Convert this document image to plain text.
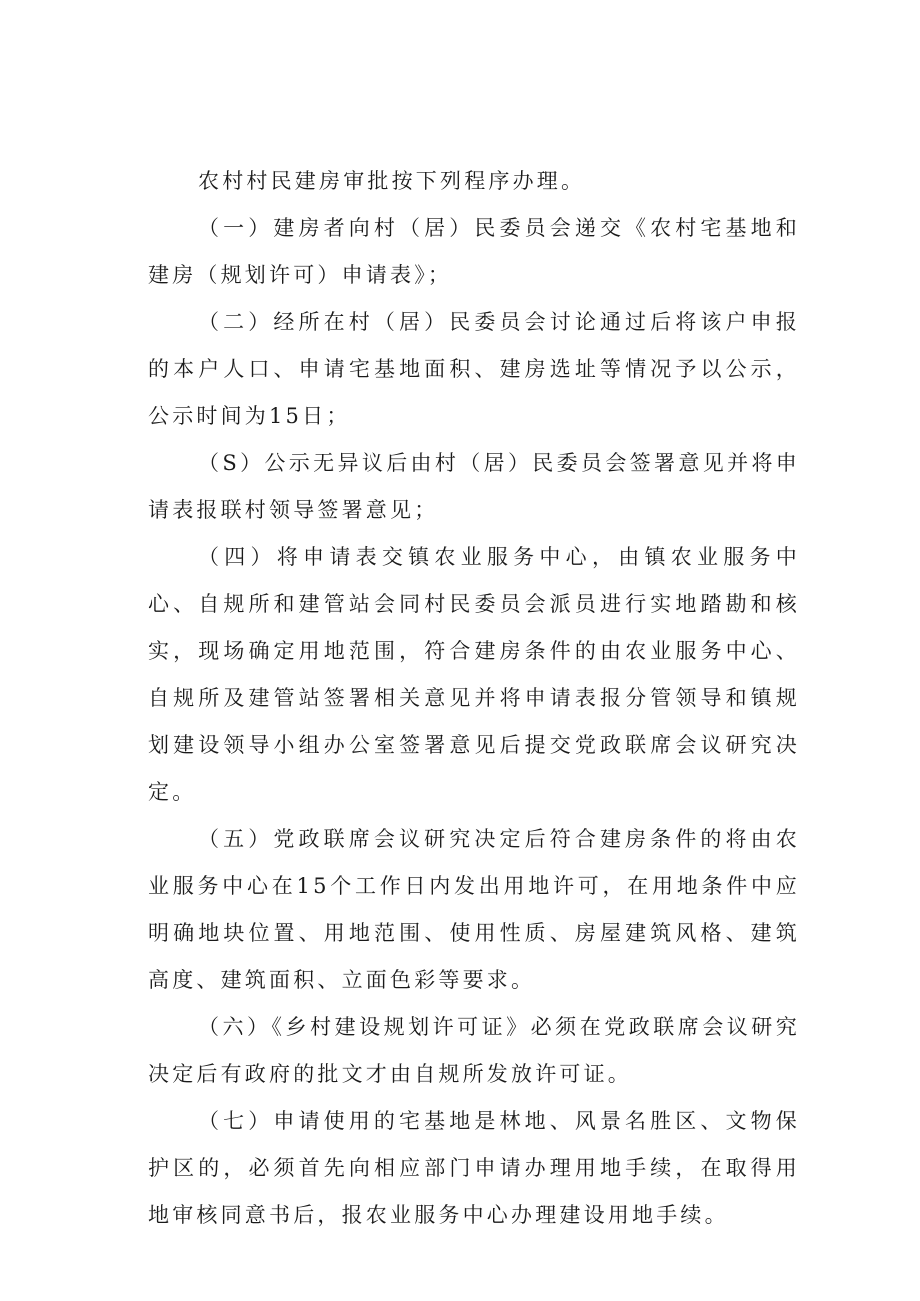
农村村民建房审批按下列程序办理。

（一）建房者向村（居）民委员会递交《农村宅基地和建房（规划许可）申请表》；

（二）经所在村（居）民委员会讨论通过后将该户申报的本户人口、申请宅基地面积、建房选址等情况予以公示，公示时间为15日；

（S）公示无异议后由村（居）民委员会签署意见并将申请表报联村领导签署意见；

（四）将申请表交镇农业服务中心，由镇农业服务中心、自规所和建管站会同村民委员会派员进行实地踏勘和核实，现场确定用地范围，符合建房条件的由农业服务中心、自规所及建管站签署相关意见并将申请表报分管领导和镇规划建设领导小组办公室签署意见后提交党政联席会议研究决定。

（五）党政联席会议研究决定后符合建房条件的将由农业服务中心在15个工作日内发出用地许可，在用地条件中应明确地块位置、用地范围、使用性质、房屋建筑风格、建筑高度、建筑面积、立面色彩等要求。

（六）《乡村建设规划许可证》必须在党政联席会议研究决定后有政府的批文才由自规所发放许可证。

（七）申请使用的宅基地是林地、风景名胜区、文物保护区的，必须首先向相应部门申请办理用地手续，在取得用地审核同意书后，报农业服务中心办理建设用地手续。
